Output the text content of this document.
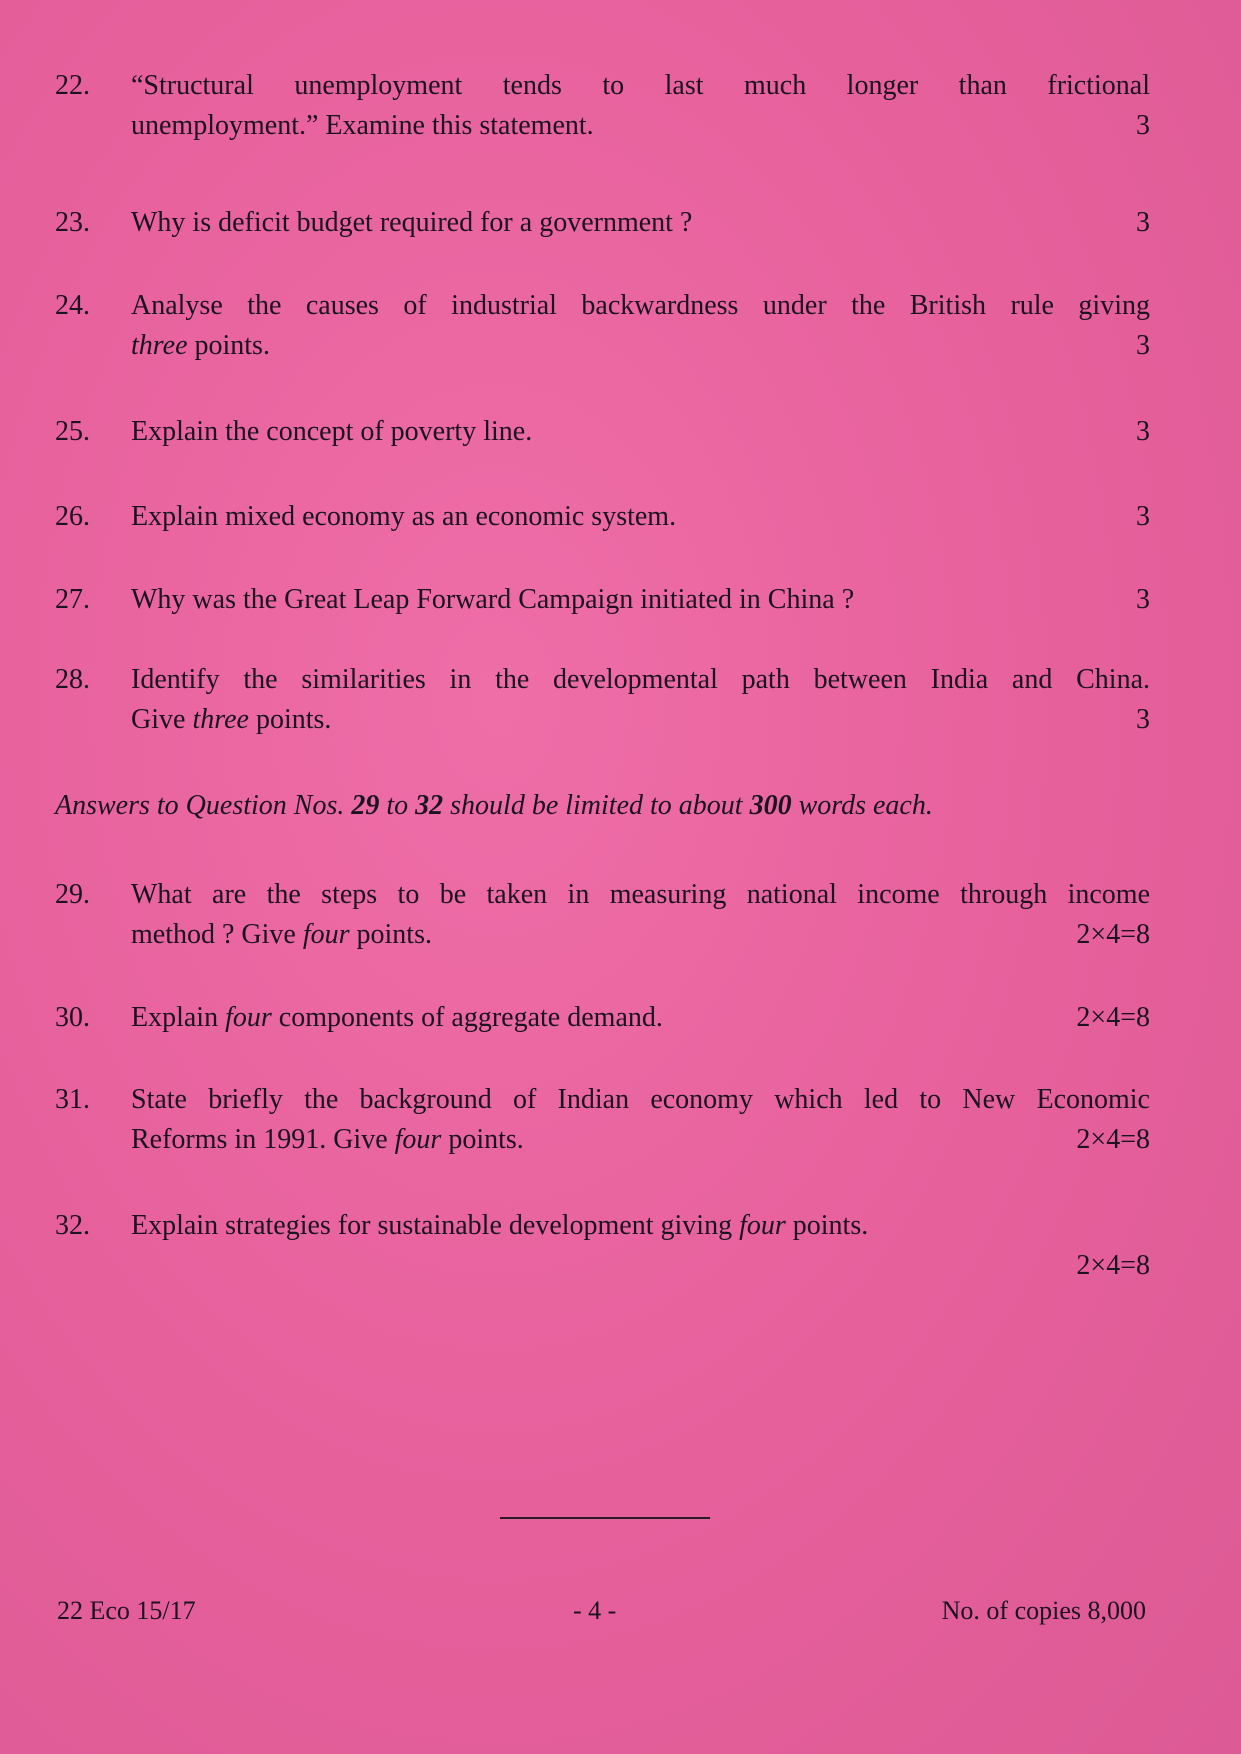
22.	“Structural unemployment tends to last much longer than frictional
unemployment.” Examine this statement.	3
23.	Why is deficit budget required for a government ?	3
24.	Analyse the causes of industrial backwardness under the British rule giving
three points.	3
25.	Explain the concept of poverty line.	3
26.	Explain mixed economy as an economic system.	3
27.	Why was the Great Leap Forward Campaign initiated in China ?	3
28.	Identify the similarities in the developmental path between India and China.
Give three points.	3
Answers to Question Nos. 29 to 32 should be limited to about 300 words each.
29.	What are the steps to be taken in measuring national income through income
method ? Give four points.	2×4=8
30.	Explain four components of aggregate demand.	2×4=8
31.	State briefly the background of Indian economy which led to New Economic
Reforms in 1991. Give four points.	2×4=8
32.	Explain strategies for sustainable development giving four points.
2×4=8
22 Eco 15/17	- 4 -	No. of copies 8,000
